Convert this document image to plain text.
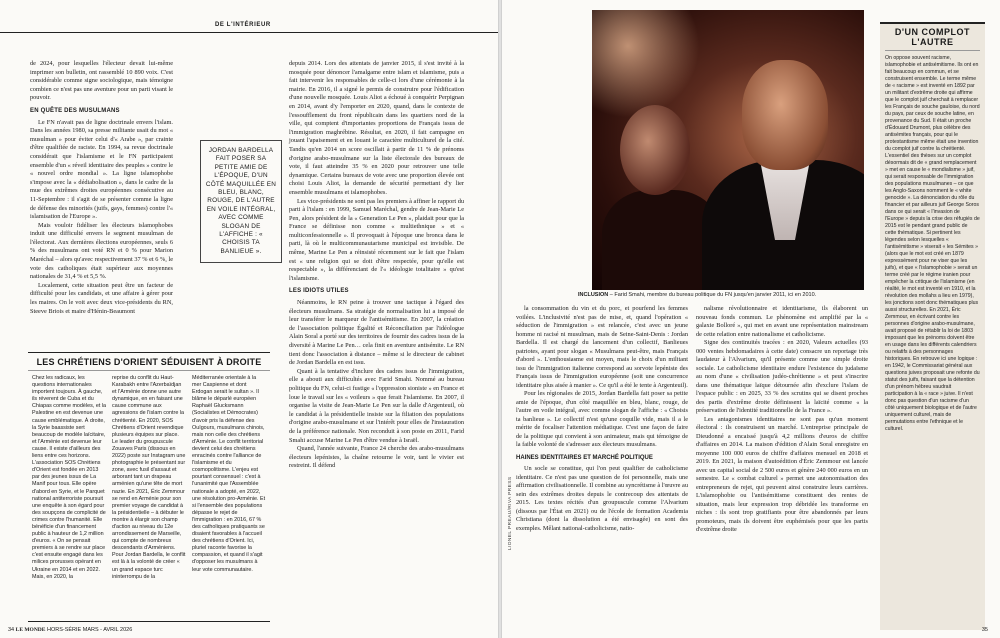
DE L'INTÉRIEUR

de 2024, pour lesquelles l'électeur devait lui-même imprimer son bulletin, ont rassemblé 10 890 voix. C'est considérable comme signe sociologique, mais témoigne combien ce n'est pas une aventure pour un parti visant le pouvoir.

EN QUÊTE DES MUSULMANS

Le FN n'avait pas de ligne doctrinale envers l'islam. Dans les années 1980, sa presse militante usait du mot « musulman » pour éviter celui d'« Arabe », par crainte d'être qualifiée de raciste. En 1994, sa revue doctrinale considérait que l'islamisme et le FN participaient ensemble d'un « réveil identitaire des peuples » contre le « nouvel ordre mondial ». La ligne islamophobe s'impose avec la « dédiabolisation », dans le cadre de la mue des extrêmes droites européennes consécutive au 11-Septembre : il s'agit de se présenter comme la ligne de défense des minorités (juifs, gays, femmes) contre l'« islamisation de l'Europe ».

Mais vouloir fidéliser les électeurs islamophobes induit une difficulté envers le segment musulman de l'électorat. Aux dernières élections européennes, seuls 6 % des musulmans ont voté RN et 0 % pour Marion Maréchal – alors qu'avec respectivement 37 % et 6 %, le vote des catholiques était supérieur aux moyennes nationales de 31,4 % et 5,5 %.

Localement, cette situation peut être un facteur de difficulté pour les candidats, et une affaire à gérer pour les maires. On le voit avec deux vice-présidents du RN, Steeve Briois et maire d'Hénin-Beaumont

JORDAN BARDELLA FAIT POSER SA PETITE AMIE DE L'ÉPOQUE, D'UN CÔTÉ MAQUILLÉE EN BLEU, BLANC, ROUGE, DE L'AUTRE EN VOILE INTÉGRAL, AVEC COMME SLOGAN DE L'AFFICHE : « CHOISIS TA BANLIEUE ».

depuis 2014. Lors des attentats de janvier 2015, il s'est invité à la mosquée pour dénoncer l'amalgame entre islam et islamisme, puis a fait intervenir les responsables de celle-ci lors d'une cérémonie à la mairie. En 2016, il a signé le permis de construire pour l'édification d'une nouvelle mosquée. Louis Aliot a échoué à conquérir Perpignan en 2014, avant d'y l'emporter en 2020, quand, dans le contexte de l'essoufflement du front républicain dans les quartiers nord de la ville, qui comptent d'importantes proportions de Français issus de l'immigration maghrébine. Résultat, en 2020, il fait campagne en jouant l'apaisement et en louant le caractère multiculturel de la cité. Tandis qu'en 2014 un score oscillait à partir de 11 % de prénoms d'origine arabo-musulmane sur la liste électorale des bureaux de vote, il faut atteindre 35 % en 2020 pour retrouver une telle dynamique. Certains bureaux de vote avec une proportion élevée ont choisi Louis Aliot, la demande de sécurité permettant d'y lier ensemble musulmans et islamophobes.

Les vice-présidents ne sont pas les premiers à affiner le rapport du parti à l'islam : en 1999, Samuel Maréchal, gendre de Jean-Marie Le Pen, alors président de la « Generation Le Pen », plaidait pour que la France se définisse non comme « multiethnique » et « multiconfessionnelle ». Il provoquait à l'époque une bronca dans le parti, là où le multicommunautarisme municipal est invisible. De même, Marine Le Pen a réinsisté récemment sur le fait que l'islam est « une religion qui se doit d'être respectée, pour qu'elle est respectable », la différenciant de l'« idéologie totalitaire » qu'est l'islamisme.

LES IDIOTS UTILES

Néanmoins, le RN peine à trouver une tactique à l'égard des électeurs musulmans. Sa stratégie de normalisation lui a imposé de leur transférer le marqueur de l'antisémitisme. En 2007, la création de l'association politique Égalité et Réconciliation par l'idéologue Alain Soral a porté sur des territoires de fournir des cadres issus de la diversité à Marine Le Pen… cela finit en aventure antisémite. Le RN tient donc l'association à distance – même si le directeur de cabinet de Jordan Bardella en est issu.

Quant à la tentative d'inclure des cadres issus de l'immigration, elle a abouti aux difficultés avec Farid Smahi. Nommé au bureau politique du FN, celui-ci fustige « l'oppression sioniste » en France et loue le travail sur les « voileurs » que ferait l'islamisme. En 2007, il organise la visite de Jean-Marie Le Pen sur la dalle d'Argenteuil, où le candidat à la présidentielle insiste sur la filiation des populations d'origine arabo-musulmane et sur l'intérêt pour elles de l'instauration de la préférence nationale. Non reconduit à son poste en 2011, Farid Smahi accuse Marine Le Pen d'être vendue à Israël.

Quand, l'année suivante, France 24 cherche des arabo-musulmans électeurs lepénistes, la chaîne retourne le voir, tant le vivier est restreint. Il défend

LES CHRÉTIENS D'ORIENT SÉDUISENT À DROITE
Chez les radicaux, les questions internationales importent toujours. À gauche, ils réverent de Cuba et du Chiapas comme modèles, et la Palestine en est devenue une cause emblématique. À droite, la Syrie baassiste sert beaucoup de modèle laïcitaire, et l'Arménie est devenue leur cause. Il existe d'ailleurs des liens entre ces horizons. L'association SOS Chrétiens d'Orient est fondée en 2013 par des jeunes issus de La Manif pour tous. Elle opère d'abord en Syrie, et le Parquet national antiterroriste poursuit une enquête à son égard pour des soupçons de complicité de crimes contre l'humanité. Elle bénéficie d'un financement public à hauteur de 1,2 million d'euros. « On se pensait premiers à se rendre sur place c'est ensuite engagé dans les milices prorusses opérant en Ukraine en 2014 et en 2022. Mais, en 2020, la
reprise du conflit du Haut-Karabakh entre l'Azerbaïdjan et l'Arménie donne une autre dynamique, en en faisant une cause commune aux agressions de l'islam contre la chrétienté. En 2020, SOS Chrétiens d'Orient revendique plusieurs équipes sur place. Le leader du groupuscule Zouaves Paris (dissous en 2022) poste sur Instagram une photographie le présentant sur zone, avec fusil d'assaut et arborant tant un drapeau arménien qu'une tête de mort nazie. En 2021, Éric Zemmour se rend en Arménie pour son premier voyage de candidat à la présidentielle – à débuter le montre à élargir son champ d'action au niveau du 12e arrondissement de Marseille, qui compte de nombreux descendants d'Arméniens. Pour Jordan Bardella, le conflit est là à la volonté de créer « un grand espace turc ininterrompu de la
Méditerranée orientale à la mer Caspienne et dont Erdogan serait le sultan ». Il blâme le déparlé européen Raphaël Glucksmann (Socialistes et Démocrates) d'avoir pris la défense des Ouïgours, musulmans chinois, mais non celle des chrétiens d'Arménie. Le conflit territorial devient celui des chrétiens enracinés contre l'alliance de l'islamisme et du cosmopolitisme. L'enjeu est pourtant consensuel : c'est à l'unanimité que l'Assemblée nationale a adopté, en 2022, une résolution pro-Arménie. Et si l'ensemble des populations dépasse le rejet de l'immigration : en 2016, 67 % des catholiques pratiquants se disaient favorables à l'accueil des chrétiens d'Orient. Ici, pluriel raconte favorise la compassion, et quand il s'agit d'opposer les musulmans à leur vote communautaire.
34 LE MONDE HORS-SÉRIE MARS - AVRIL 2026
INCLUSION – Farid Smahi, membre du bureau politique du FN jusqu'en janvier 2011, ici en 2010.
LIONEL PREAU/RIVA PRESS

la consommation du vin et du porc, et pourfend les femmes voilées. L'inclusivité n'est pas de mise, et, quand l'opération « séduction de l'immigration » est relancée, c'est avec un jeune homme ni racisé ni musulman, mais de Seine-Saint-Denis : Jordan Bardella. Il est chargé du lancement d'un collectif, Banlieues patriotes, ayant pour slogan « Musulmans peut-être, mais Français d'abord ». L'enthousiasme est moyen, mais le choix d'un militant issu de l'immigration italienne correspond au sorvote lepéniste des Français issus de l'immigration européenne (soit une concurrence identitaire plus aisée à manier ». Ce qu'il a été le tente à Argenteuil).

Pour les régionales de 2015, Jordan Bardella fait poser sa petite amie de l'époque, d'un côté maquillée en bleu, blanc, rouge, de l'autre en voile intégral, avec comme slogan de l'affiche : « Choisis ta banlieue ». Le collectif n'est qu'une coquille vide, mais il a le mérite de focaliser l'attention médiatique. C'est une façon de faire de la politique qui convient à son animateur, mais qui témoigne de la faible volonté de s'adresser aux électeurs musulmans.

HAINES IDENTITAIRES ET MARCHÉ POLITIQUE

Un socle se constitue, qui l'on peut qualifier de catholicisme identitaire. Ce n'est pas une question de foi personnelle, mais une affirmation civilisationnelle. Il combine au syncrétisme à l'œuvre au sein des extrêmes droites depuis le contrecoup des attentats de 2015. Les textes récités d'un groupuscule comme l'Alvarium (dissous par l'État en 2021) ou de l'école de formation Academia Christiana (dont la dissolution a été envisagée) en sont des exemples. Mêlant national-catholicisme, natio-

nalisme révolutionnaire et identitarisme, ils élaborent un nouveau fonds commun. Le phénomène est amplifié par la « galaxie Bolloré », qui met en avant une représentation mainstream de cette relation entre nationalisme et catholicisme.

Signe des continuités tracées : en 2020, Valeurs actuelles (93 000 ventes hebdomadaires à cette date) consacre un reportage très laudateur à l'Alvarium, qu'il présente comme une simple droite sociale. Le catholicisme identitaire endure l'existence du judaïsme au nom d'une « civilisation judéo-chrétienne » et peut s'inscrire dans une thématique laïque détournée afin d'exclure l'islam de l'espace public : en 2025, 33 % des scrutins qui se disent proches des partis d'extrême droite définissent la laïcité comme « la préservation de l'identité traditionnelle de la France ».

Les antagonismes identitaires ne sont pas qu'un moment électoral : ils construisent un marché. L'entreprise principale de Dieudonné a encaissé jusqu'à 4,2 millions d'euros de chiffre d'affaires en 2014. La maison d'édition d'Alain Soral enregistre en moyenne 100 000 euros de chiffre d'affaires mensuel en 2018 et 2019. En 2021, la maison d'autoédition d'Éric Zemmour est lancée avec un capital social de 2 500 euros et génère 240 000 euros en un semestre. Le « combat culturel » permet une autonomisation des entrepreneurs de rejet, qui peuvent ainsi construire leurs carrières. L'islamophobie ou l'antisémitisme constituent des rentes de situation, mais leur expression trop débridée les transforme en niches : ils sont trop gratifiants pour être abandonnés par leurs promoteurs, mais ils doivent être euphémisés pour que les partis d'extrême droite

D'UN COMPLOT L'AUTRE
On oppose souvent racisme, islamophobie et antisémitisme. Ils ont en fait beaucoup en commun, et se construisent ensemble. Le terme même de « racisme » est inventé en 1892 par un militant d'extrême droite qui affirme que le complot juif cherchait à remplacer les Français de souche gauloise, du nord du pays, par ceux de souche latine, en provenance du Sud. Il était un proche d'Édouard Drumont, plus célèbre des antisémites français, pour qui le protestantisme même était une invention du complot juif contre la chrétienté. L'essentiel des thèses sur un complot désormais dit de « grand remplacement » met en cause le « mondialisme » juif, qui serait responsable de l'immigration des populations musulmanes – ce que les Anglo-Saxons nomment le « white genocide ». La dénonciation du rôle du financier et par ailleurs juif George Soros dans ce qui serait « l'invasion de l'Europe » depuis la crise des réfugiés de 2015 est le pendant grand public de cette thématique. Si pertinent les légendes selon lesquelles « l'antisémitisme » viserait « les Sémites » (alors que le mot est créé en 1879 expressément pour ne viser que les juifs), et que « l'islamophobie » serait un terme créé par le régime iranien pour empêcher la critique de l'islamisme (en réalité, le mot est inventé en 1910, et la révolution des mollahs a lieu en 1979), les jonctions sont donc thématiques plus aussi structurelles. En 2021, Éric Zemmour, en écrivant contre les personnes d'origine arabo-musulmane, avait proposé de rétablir la loi de 1803 imposant que les prénoms doivent être en usage dans les différents calendriers ou relatifs à des personnages historiques. En retrouve ici une logique : en 1942, le Commissariat général aux questions juives proposait une refonte du statut des juifs, faisant que la détention d'un prénom hébreu vaudrait participation à la « race » juive. Il n'est donc pas question d'un racisme d'un côté uniquement biologique et de l'autre uniquement culturel, mais de permutations entre l'ethnique et le culturel.
35
